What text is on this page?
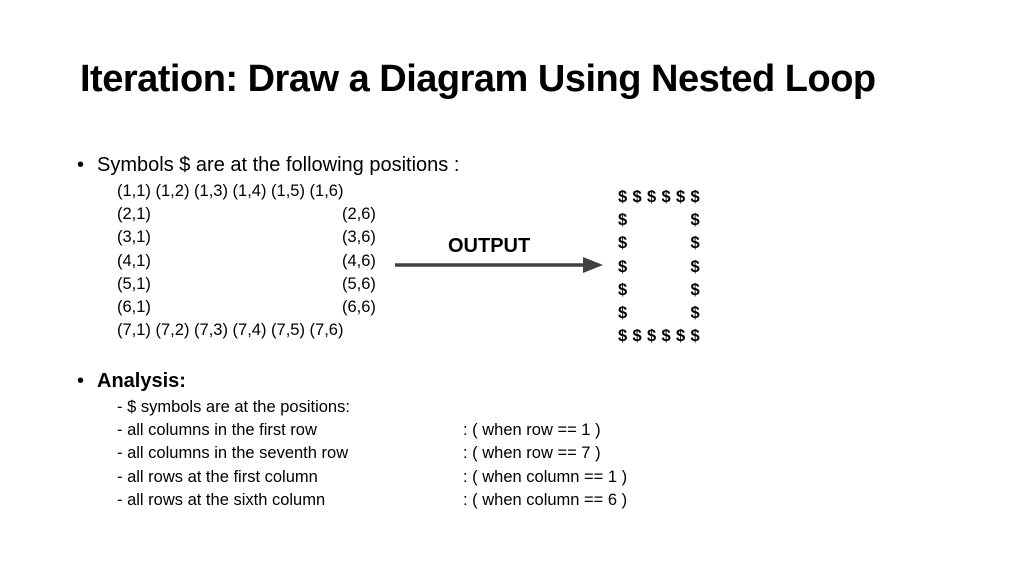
Iteration: Draw a Diagram Using Nested Loop
• Symbols $ are at the following positions :
(1,1) (1,2) (1,3) (1,4) (1,5) (1,6)
(2,1)	(2,6)
(3,1)	(3,6)
(4,1)	(4,6)
(5,1)	(5,6)
(6,1)	(6,6)
(7,1) (7,2) (7,3) (7,4) (7,5) (7,6)
OUTPUT
$ $ $ $ $ $
$	$
$	$
$	$
$	$
$	$
$ $ $ $ $ $
• Analysis:
- $ symbols are at the positions:
- all columns in the first row	: ( when row == 1 )
- all columns in the seventh row	: ( when row == 7 )
- all rows at the first column	: ( when column == 1 )
- all rows at the sixth column	: ( when column == 6 )
